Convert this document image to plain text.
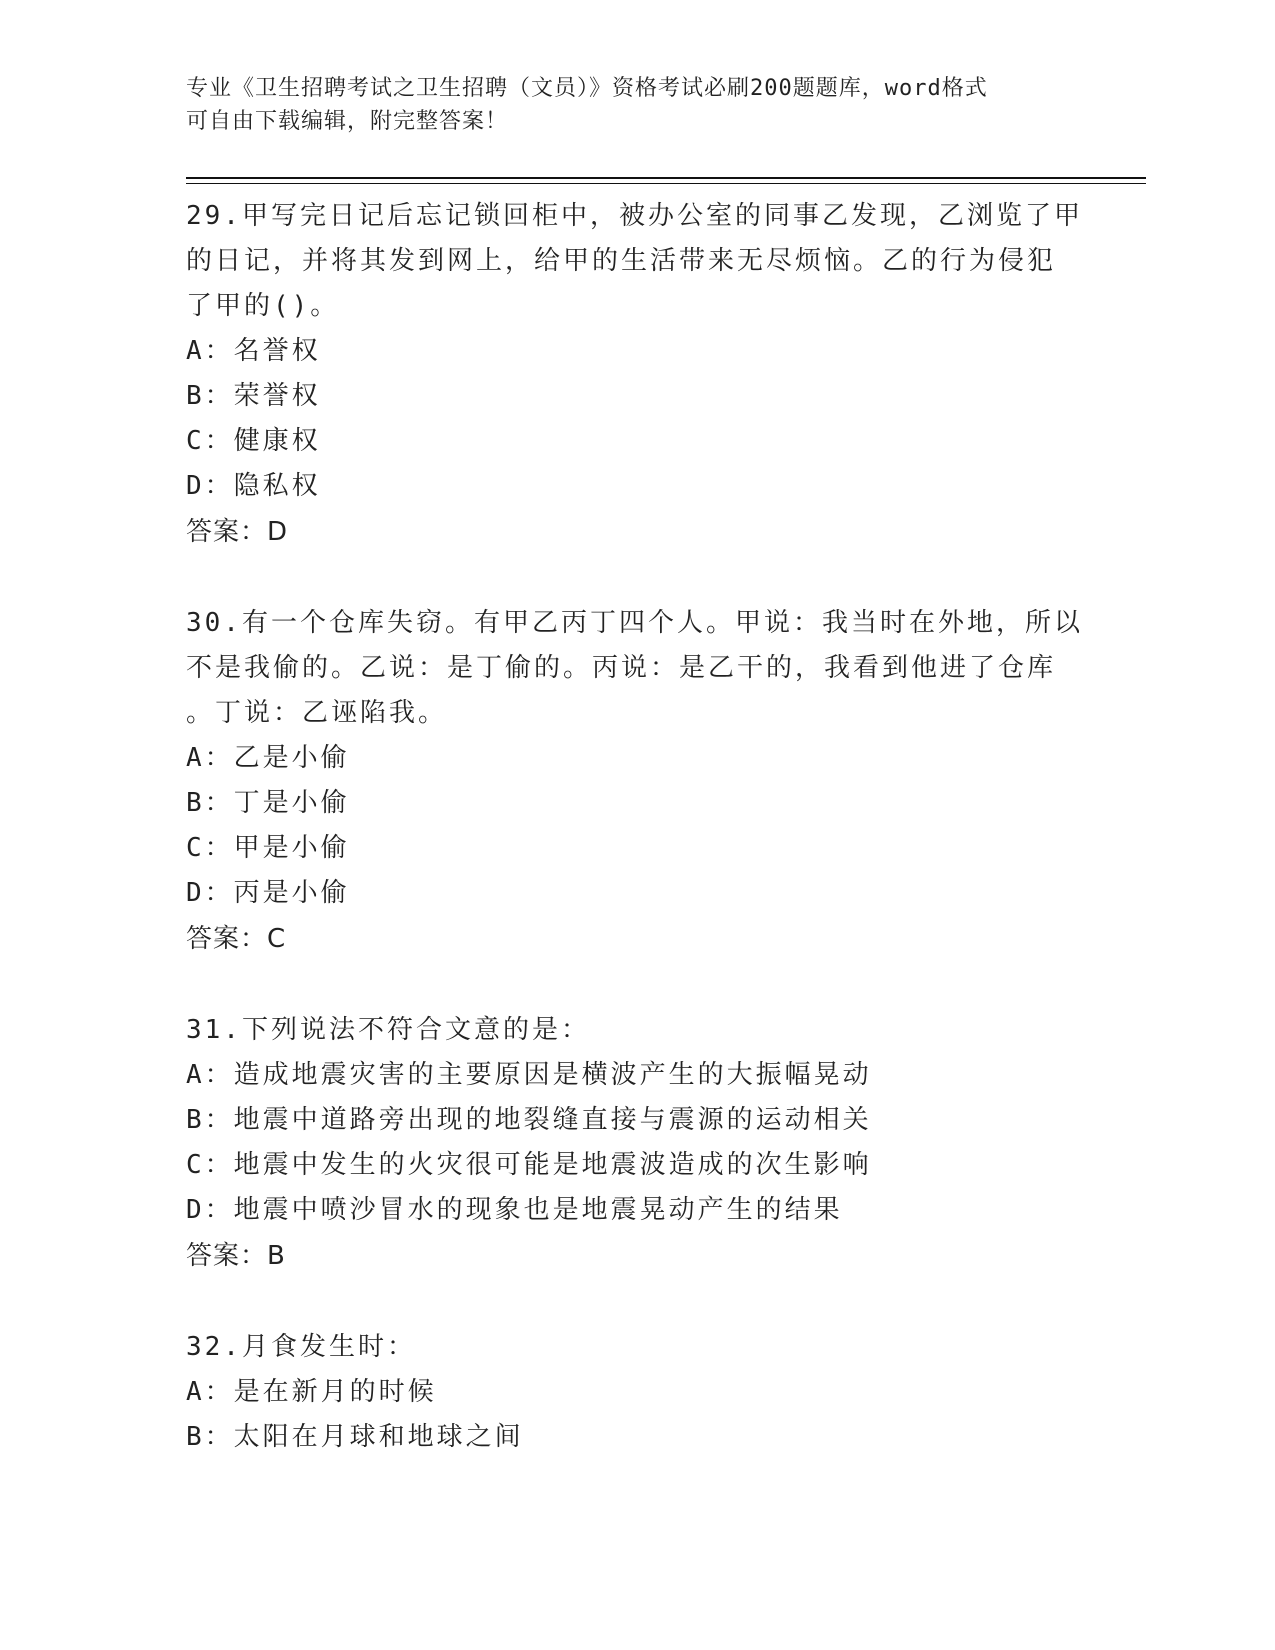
专业《卫生招聘考试之卫生招聘（文员）》资格考试必刷200题题库，word格式
可自由下载编辑，附完整答案！
29.甲写完日记后忘记锁回柜中，被办公室的同事乙发现，乙浏览了甲
的日记，并将其发到网上，给甲的生活带来无尽烦恼。乙的行为侵犯
了甲的()。
A：名誉权
B：荣誉权
C：健康权
D：隐私权
答案：D
30.有一个仓库失窃。有甲乙丙丁四个人。甲说：我当时在外地，所以
不是我偷的。乙说：是丁偷的。丙说：是乙干的，我看到他进了仓库
。丁说：乙诬陷我。
A：乙是小偷
B：丁是小偷
C：甲是小偷
D：丙是小偷
答案：C
31.下列说法不符合文意的是：
A：造成地震灾害的主要原因是横波产生的大振幅晃动
B：地震中道路旁出现的地裂缝直接与震源的运动相关
C：地震中发生的火灾很可能是地震波造成的次生影响
D：地震中喷沙冒水的现象也是地震晃动产生的结果
答案：B
32.月食发生时：
A：是在新月的时候
B：太阳在月球和地球之间
